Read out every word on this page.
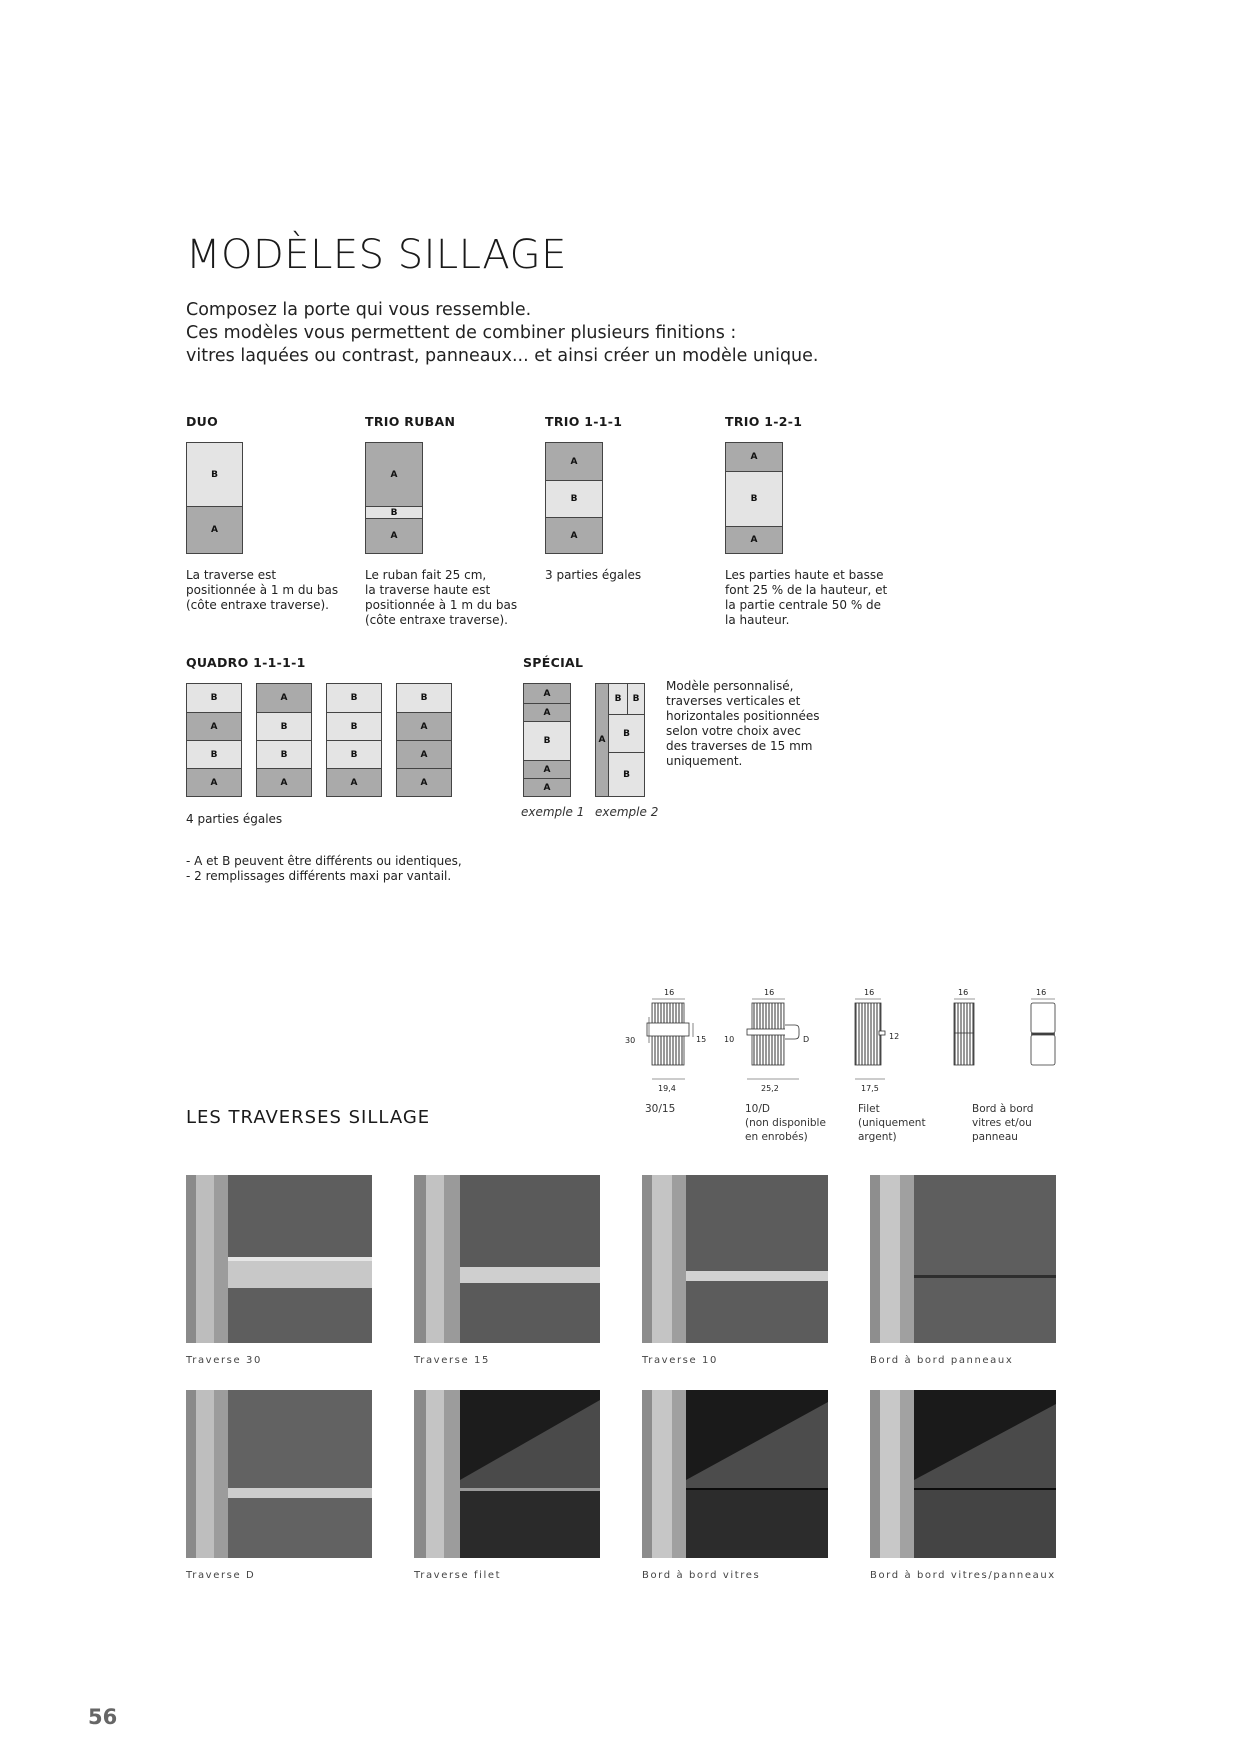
MODÈLES SILLAGE
Composez la porte qui vous ressemble.
Ces modèles vous permettent de combiner plusieurs finitions :
vitres laquées ou contrast, panneaux... et ainsi créer un modèle unique.
DUO
B
A
La traverse est
positionnée à 1 m du bas
(côte entraxe traverse).
TRIO RUBAN
A
B
A
Le ruban fait 25 cm,
la traverse haute est
positionnée à 1 m du bas
(côte entraxe traverse).
TRIO 1-1-1
A
B
A
3 parties égales
TRIO 1-2-1
A
B
A
Les parties haute et basse
font 25 % de la hauteur, et
la partie centrale 50 % de
la hauteur.
QUADRO 1-1-1-1
B
A
B
A
A
B
B
A
B
B
B
A
B
A
A
A
4 parties égales
SPÉCIAL
A
A
B
A
A
A
B	B
B
B
exemple 1 exemple 2
Modèle personnalisé,
traverses verticales et
horizontales positionnées
selon votre choix avec
des traverses de 15 mm
uniquement.
- A et B peuvent être différents ou identiques,
- 2 remplissages différents maxi par vantail.
16
30	15
19,4
16
10	D
25,2
16
12
17,5
16	16
LES TRAVERSES SILLAGE	30/15	10/D
(non disponible
en enrobés)
Filet
(uniquement
argent)
Bord à bord
vitres et/ou
panneau
Traverse 30	Traverse 15	Traverse 10	Bord à bord panneaux
Traverse D	Traverse filet	Bord à bord vitres	Bord à bord vitres/panneaux
56
